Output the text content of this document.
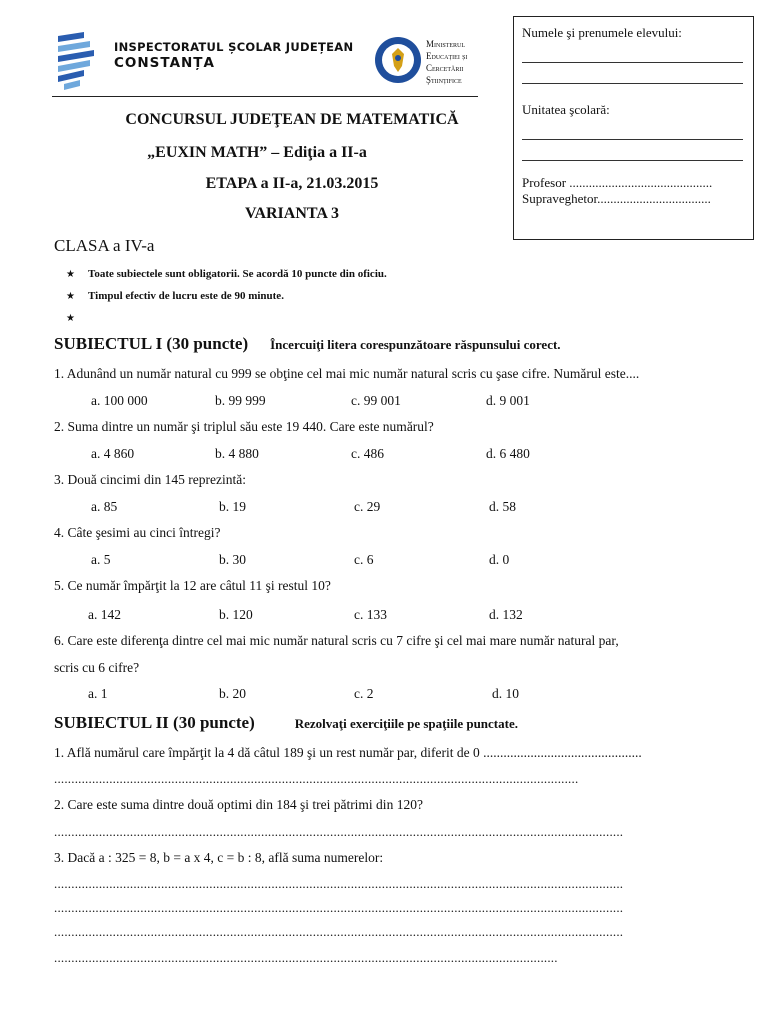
INSPECTORATUL ȘCOLAR JUDEȚEAN
CONSTANȚA
Ministerul
Educației și
Cercetării
Științifice
Numele şi prenumele elevului:
Unitatea şcolară:
Profesor ............................................
Supraveghetor...................................
CONCURSUL JUDEŢEAN DE MATEMATICĂ
„EUXIN MATH” – Ediţia a II-a
ETAPA a II-a, 21.03.2015
VARIANTA 3
CLASA a IV-a
★ Toate subiectele sunt obligatorii. Se acordă 10 puncte din oficiu.
★ Timpul efectiv de lucru este de 90 minute.
★
SUBIECTUL I (30 puncte) Încercuiţi litera corespunzătoare răspunsului corect.
1. Adunând un număr natural cu 999 se obţine cel mai mic număr natural scris cu şase cifre. Numărul este....
a. 100 000	b. 99 999	c. 99 001	d. 9 001
2. Suma dintre un număr şi triplul său este 19 440. Care este numărul?
a. 4 860	b. 4 880	c. 486	d. 6 480
3. Două cincimi din 145 reprezintă:
a. 85	b. 19	c. 29	d. 58
4. Câte şesimi au cinci întregi?
a. 5	b. 30	c. 6	d. 0
5. Ce număr împărţit la 12 are câtul 11 şi restul 10?
a. 142	b. 120	c. 133	d. 132
6. Care este diferenţa dintre cel mai mic număr natural scris cu 7 cifre şi cel mai mare număr natural par,
scris cu 6 cifre?
a. 1	b. 20	c. 2	d. 10
SUBIECTUL II (30 puncte)	Rezolvaţi exerciţiile pe spaţiile punctate.
1. Află numărul care împărţit la 4 dă câtul 189 şi un rest număr par, diferit de 0 ...............................................
........................................................................................................................................................
2. Care este suma dintre două optimi din 184 şi trei pătrimi din 120?
.....................................................................................................................................................................
3. Dacă a : 325 = 8, b = a x 4, c = b : 8, află suma numerelor:
.....................................................................................................................................................................
.....................................................................................................................................................................
.....................................................................................................................................................................
..................................................................................................................................................
